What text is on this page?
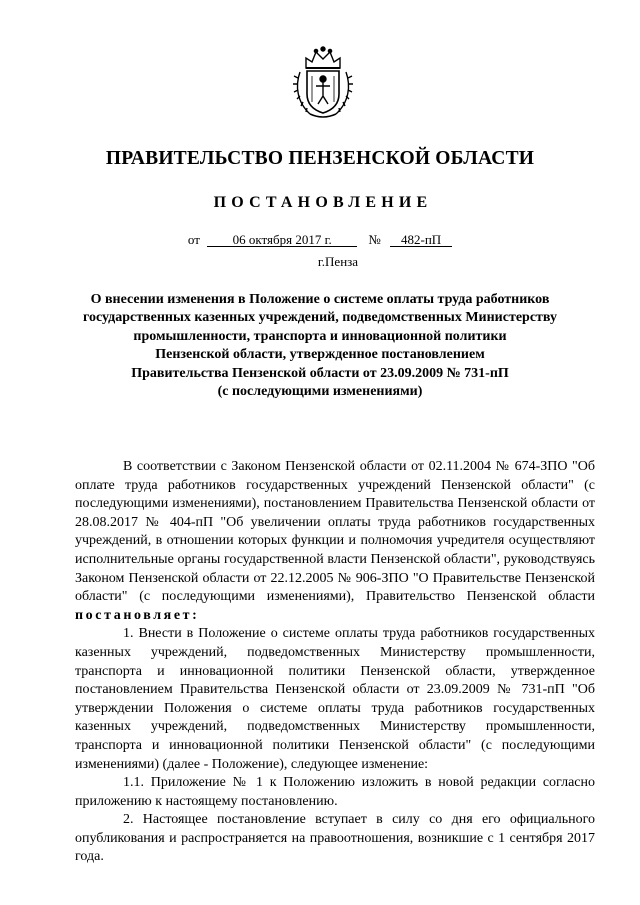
ПРАВИТЕЛЬСТВО ПЕНЗЕНСКОЙ ОБЛАСТИ
ПОСТАНОВЛЕНИЕ
от	06 октября 2017 г.	№ 482-пП
г.Пенза
О внесении изменения в Положение о системе оплаты труда работников
государственных казенных учреждений, подведомственных Министерству
промышленности, транспорта и инновационной политики
Пензенской области, утвержденное постановлением
Правительства Пензенской области от 23.09.2009 № 731-пП
(с последующими изменениями)

В соответствии с Законом Пензенской области от 02.11.2004 № 674-ЗПО "Об оплате труда работников государственных учреждений Пензенской области" (с последующими изменениями), постановлением Правительства Пензенской области от 28.08.2017 № 404-пП "Об увеличении оплаты труда работников государственных учреждений, в отношении которых функции и полномочия учредителя осуществляют исполнительные органы государственной власти Пензенской области", руководствуясь Законом Пензенской области от 22.12.2005 № 906-ЗПО "О Правительстве Пензенской области" (с последующими изменениями), Правительство Пензенской области постановляет:

1. Внести в Положение о системе оплаты труда работников государственных казенных учреждений, подведомственных Министерству промышленности, транспорта и инновационной политики Пензенской области, утвержденное постановлением Правительства Пензенской области от 23.09.2009 № 731-пП "Об утверждении Положения о системе оплаты труда работников государственных казенных учреждений, подведомственных Министерству промышленности, транспорта и инновационной политики Пензенской области" (с последующими изменениями) (далее - Положение), следующее изменение:

1.1. Приложение № 1 к Положению изложить в новой редакции согласно приложению к настоящему постановлению.

2. Настоящее постановление вступает в силу со дня его официального опубликования и распространяется на правоотношения, возникшие с 1 сентября 2017 года.
